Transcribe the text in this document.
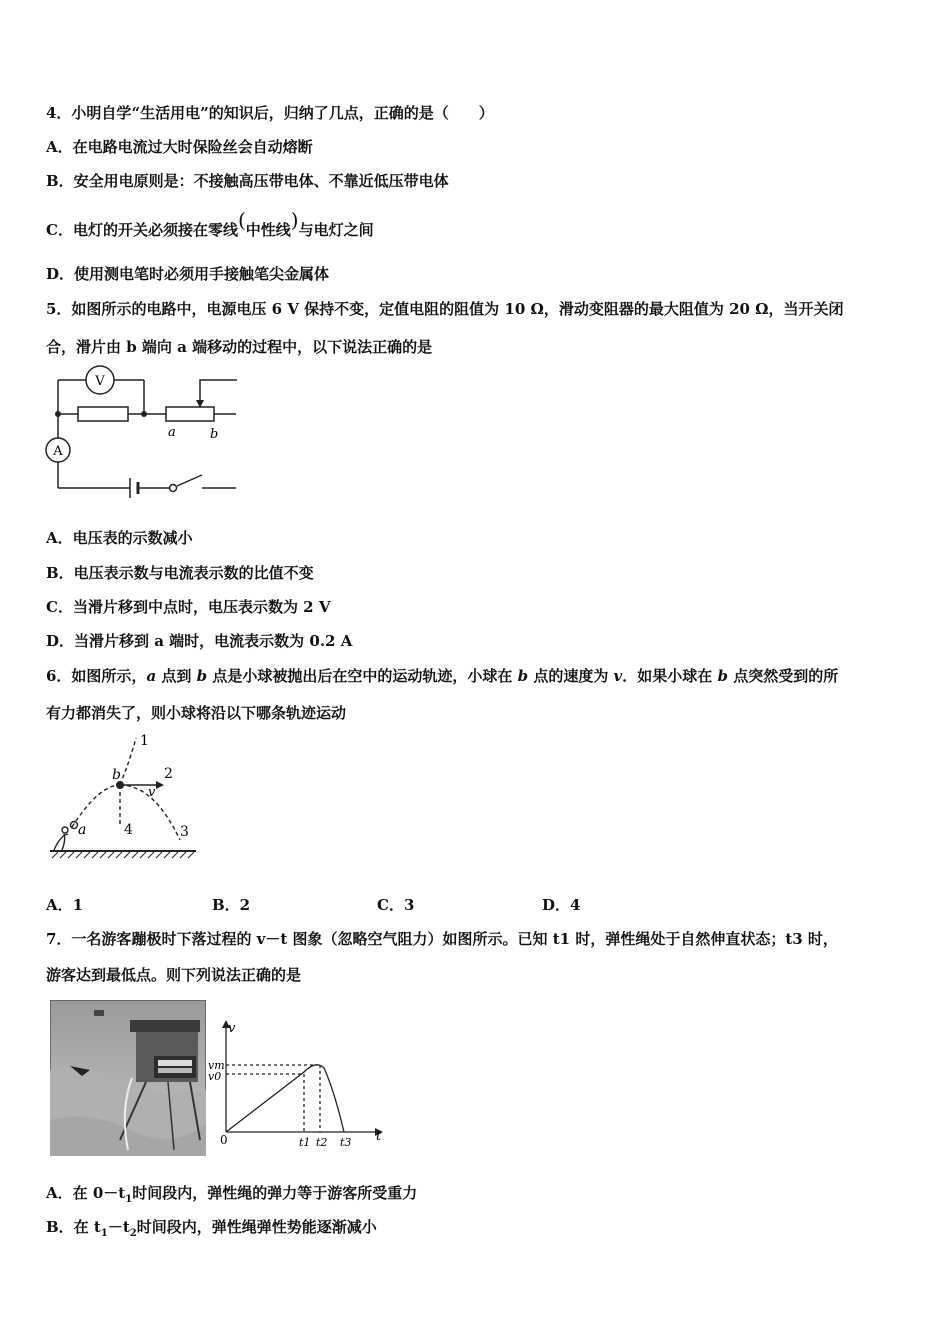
4．小明自学“生活用电”的知识后，归纳了几点，正确的是（　　）
A．在电路电流过大时保险丝会自动熔断
B．安全用电原则是：不接触高压带电体、不靠近低压带电体
C．电灯的开关必须接在零线(中性线)与电灯之间
D．使用测电笔时必须用手接触笔尖金属体
5．如图所示的电路中，电源电压 6 V 保持不变，定值电阻的阻值为 10 Ω，滑动变阻器的最大阻值为 20 Ω，当开关闭
合，滑片由 b 端向 a 端移动的过程中，以下说法正确的是
V
A
a	b
A．电压表的示数减小
B．电压表示数与电流表示数的比值不变
C．当滑片移到中点时，电压表示数为 2 V
D．当滑片移到 a 端时，电流表示数为 0.2 A
6．如图所示，a 点到 b 点是小球被抛出后在空中的运动轨迹，小球在 b 点的速度为 v．如果小球在 b 点突然受到的所
有力都消失了，则小球将沿以下哪条轨迹运动
1
2
3
4
b
a
v
A．1	B．2	C．3	D．4
7．一名游客蹦极时下落过程的 v－t 图象（忽略空气阻力）如图所示。已知 t1 时，弹性绳处于自然伸直状态；t3 时，
游客达到最低点。则下列说法正确的是
v
vm
v0
0	t1 t2 t3 t
A．在 $0-t_1$时间段内，弹性绳的弹力等于游客所受重力
B．在 $t_1-t_2$时间段内，弹性绳弹性势能逐渐减小
